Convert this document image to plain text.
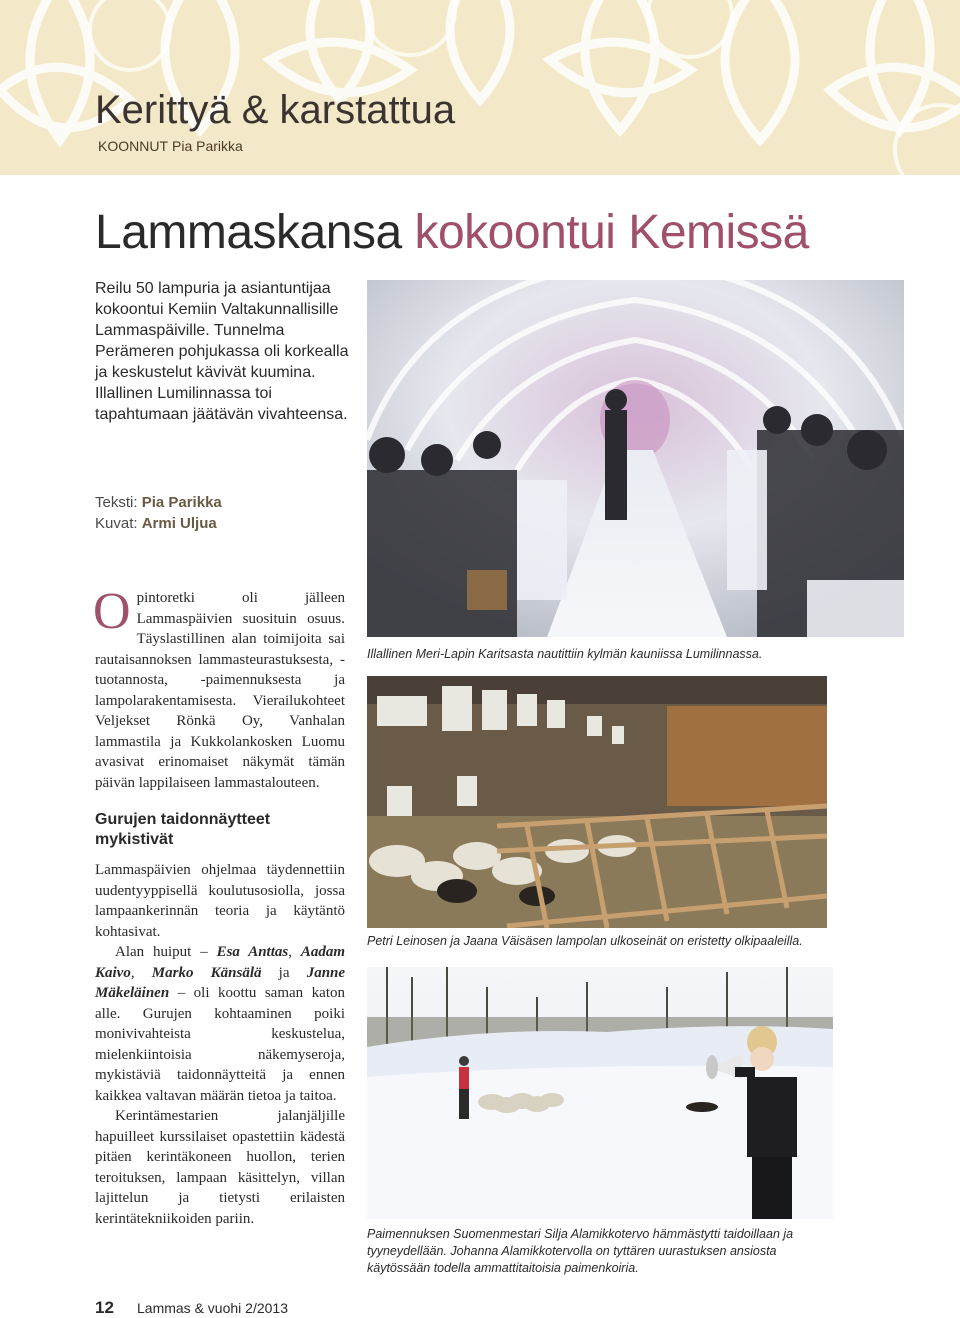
Kerittyä & karstattua
KOONNUT Pia Parikka
Lammaskansa kokoontui Kemissä
Reilu 50 lampuria ja asiantuntijaa kokoontui Kemiin Valtakunnallisille Lammaspäiville. Tunnelma Perämeren pohjukassa oli korkealla ja keskustelut kävivät kuumina. Illallinen Lumilinnassa toi tapahtumaan jäätävän vivahteensa.
Teksti: Pia Parikka
Kuvat: Armi Uljua

Opintoretki oli jälleen Lammaspäivien suosituin osuus. Täyslastillinen alan toimijoita sai rautaisannoksen lammasteurastuksesta, -tuotannosta, -paimennuksesta ja lampolarakentamisesta. Vierailukohteet Veljekset Rönkä Oy, Vanhalan lammastila ja Kukkolankosken Luomu avasivat erinomaiset näkymät tämän päivän lappilaiseen lammastalouteen.

Gurujen taidonnäytteet mykistivät

Lammaspäivien ohjelmaa täydennettiin uudentyyppisellä koulutusosiolla, jossa lampaankerinnän teoria ja käytäntö kohtasivat.

Alan huiput – Esa Anttas, Aadam Kaivo, Marko Känsälä ja Janne Mäkeläinen – oli koottu saman katon alle. Gurujen kohtaaminen poiki monivivahteista keskustelua, mielenkiintoisia näkemyseroja, mykistäviä taidonnäytteitä ja ennen kaikkea valtavan määrän tietoa ja taitoa.

Kerintämestarien jalanjäljille hapuilleet kurssilaiset opastettiin kädestä pitäen kerintäkoneen huollon, terien teroituksen, lampaan käsittelyn, villan lajittelun ja tietysti erilaisten kerintätekniikoiden pariin.

Illallinen Meri-Lapin Karitsasta nautittiin kylmän kauniissa Lumilinnassa.
Petri Leinosen ja Jaana Väisäsen lampolan ulkoseinät on eristetty olkipaaleilla.
Paimennuksen Suomenmestari Silja Alamikkotervo hämmästytti taidoillaan ja tyyneydellään. Johanna Alamikkotervolla on tyttären uurastuksen ansiosta käytössään todella ammattitaitoisia paimenkoiria.
12 Lammas & vuohi 2/2013
